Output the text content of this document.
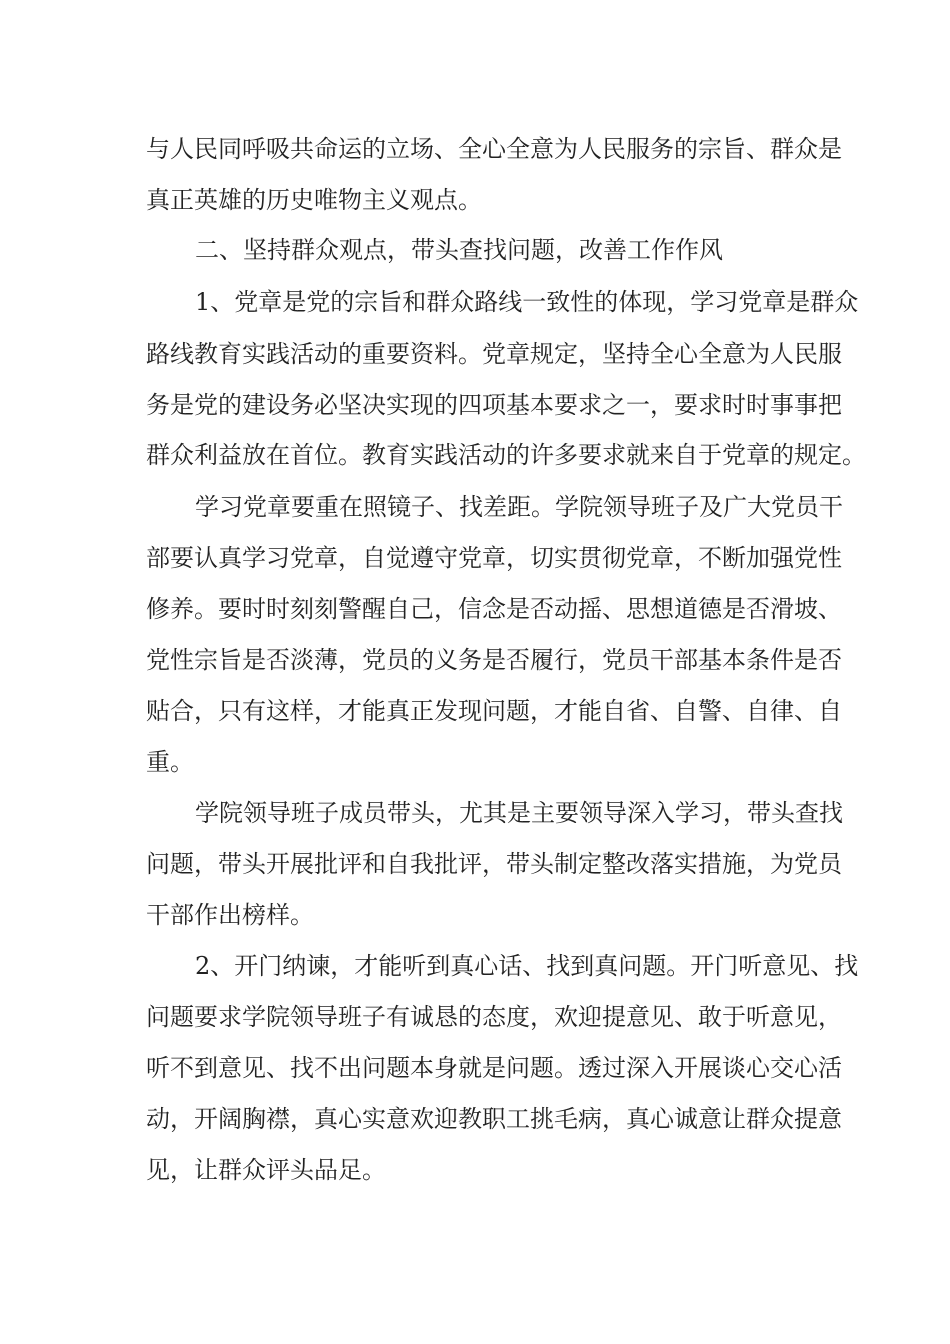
与人民同呼吸共命运的立场、全心全意为人民服务的宗旨、群众是
真正英雄的历史唯物主义观点。
二、坚持群众观点，带头查找问题，改善工作作风
1、党章是党的宗旨和群众路线一致性的体现，学习党章是群众
路线教育实践活动的重要资料。党章规定，坚持全心全意为人民服
务是党的建设务必坚决实现的四项基本要求之一，要求时时事事把
群众利益放在首位。教育实践活动的许多要求就来自于党章的规定。
学习党章要重在照镜子、找差距。学院领导班子及广大党员干
部要认真学习党章，自觉遵守党章，切实贯彻党章，不断加强党性
修养。要时时刻刻警醒自己，信念是否动摇、思想道德是否滑坡、
党性宗旨是否淡薄，党员的义务是否履行，党员干部基本条件是否
贴合，只有这样，才能真正发现问题，才能自省、自警、自律、自
重。
学院领导班子成员带头，尤其是主要领导深入学习，带头查找
问题，带头开展批评和自我批评，带头制定整改落实措施，为党员
干部作出榜样。
2、开门纳谏，才能听到真心话、找到真问题。开门听意见、找
问题要求学院领导班子有诚恳的态度，欢迎提意见、敢于听意见，
听不到意见、找不出问题本身就是问题。透过深入开展谈心交心活
动，开阔胸襟，真心实意欢迎教职工挑毛病，真心诚意让群众提意
见，让群众评头品足。
